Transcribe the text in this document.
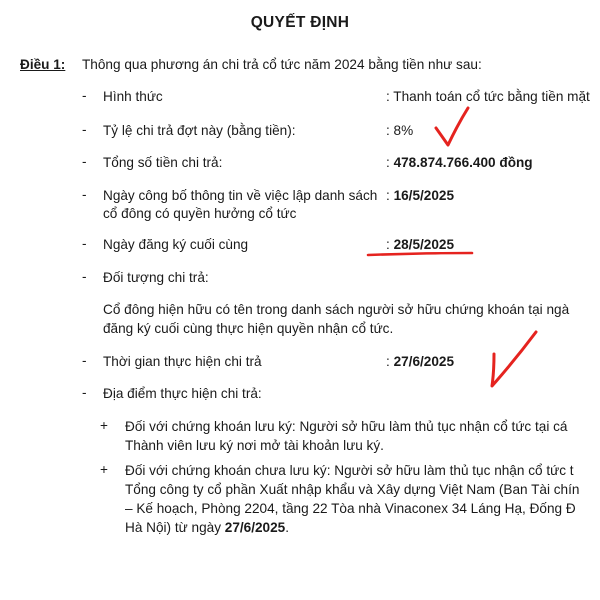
QUYẾT ĐỊNH
Điều 1: Thông qua phương án chi trả cổ tức năm 2024 bằng tiền như sau:
- Hình thức	: Thanh toán cổ tức bằng tiền mặt
- Tỷ lệ chi trả đợt này (bằng tiền):	: 8%
- Tổng số tiền chi trả:	: 478.874.766.400 đồng
- Ngày công bố thông tin về việc lập danh sách
cổ đông có quyền hưởng cổ tức
: 16/5/2025
- Ngày đăng ký cuối cùng	: 28/5/2025
- Đối tượng chi trả:
Cổ đông hiện hữu có tên trong danh sách người sở hữu chứng khoán tại ngà
đăng ký cuối cùng thực hiện quyền nhận cổ tức.
- Thời gian thực hiện chi trả	: 27/6/2025
- Địa điểm thực hiện chi trả:
+ Đối với chứng khoán lưu ký: Người sở hữu làm thủ tục nhận cổ tức tại cá
Thành viên lưu ký nơi mở tài khoản lưu ký.
+ Đối với chứng khoán chưa lưu ký: Người sở hữu làm thủ tục nhận cổ tức t
Tổng công ty cổ phần Xuất nhập khẩu và Xây dựng Việt Nam (Ban Tài chín
– Kế hoạch, Phòng 2204, tầng 22 Tòa nhà Vinaconex 34 Láng Hạ, Đống Đ
Hà Nội) từ ngày 27/6/2025.
